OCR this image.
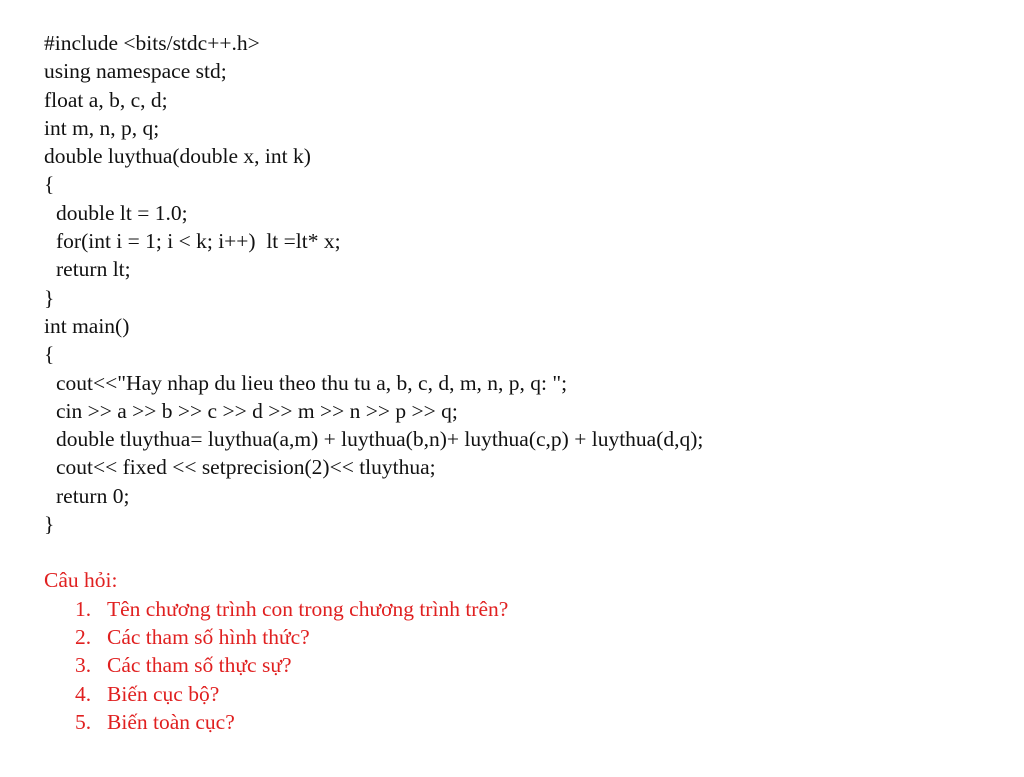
#include <bits/stdc++.h>
using namespace std;
float a, b, c, d;
int m, n, p, q;
double luythua(double x, int k)
{
double lt = 1.0;
for(int i = 1; i < k; i++)  lt =lt* x;
return lt;
}
int main()
{
cout<<"Hay nhap du lieu theo thu tu a, b, c, d, m, n, p, q: ";
cin >> a >> b >> c >> d >> m >> n >> p >> q;
double tluythua= luythua(a,m) + luythua(b,n)+ luythua(c,p) + luythua(d,q);
cout<< fixed << setprecision(2)<< tluythua;
return 0;
}
Câu hỏi:
1. Tên chương trình con trong chương trình trên?
2. Các tham số hình thức?
3. Các tham số thực sự?
4. Biến cục bộ?
5. Biến toàn cục?
